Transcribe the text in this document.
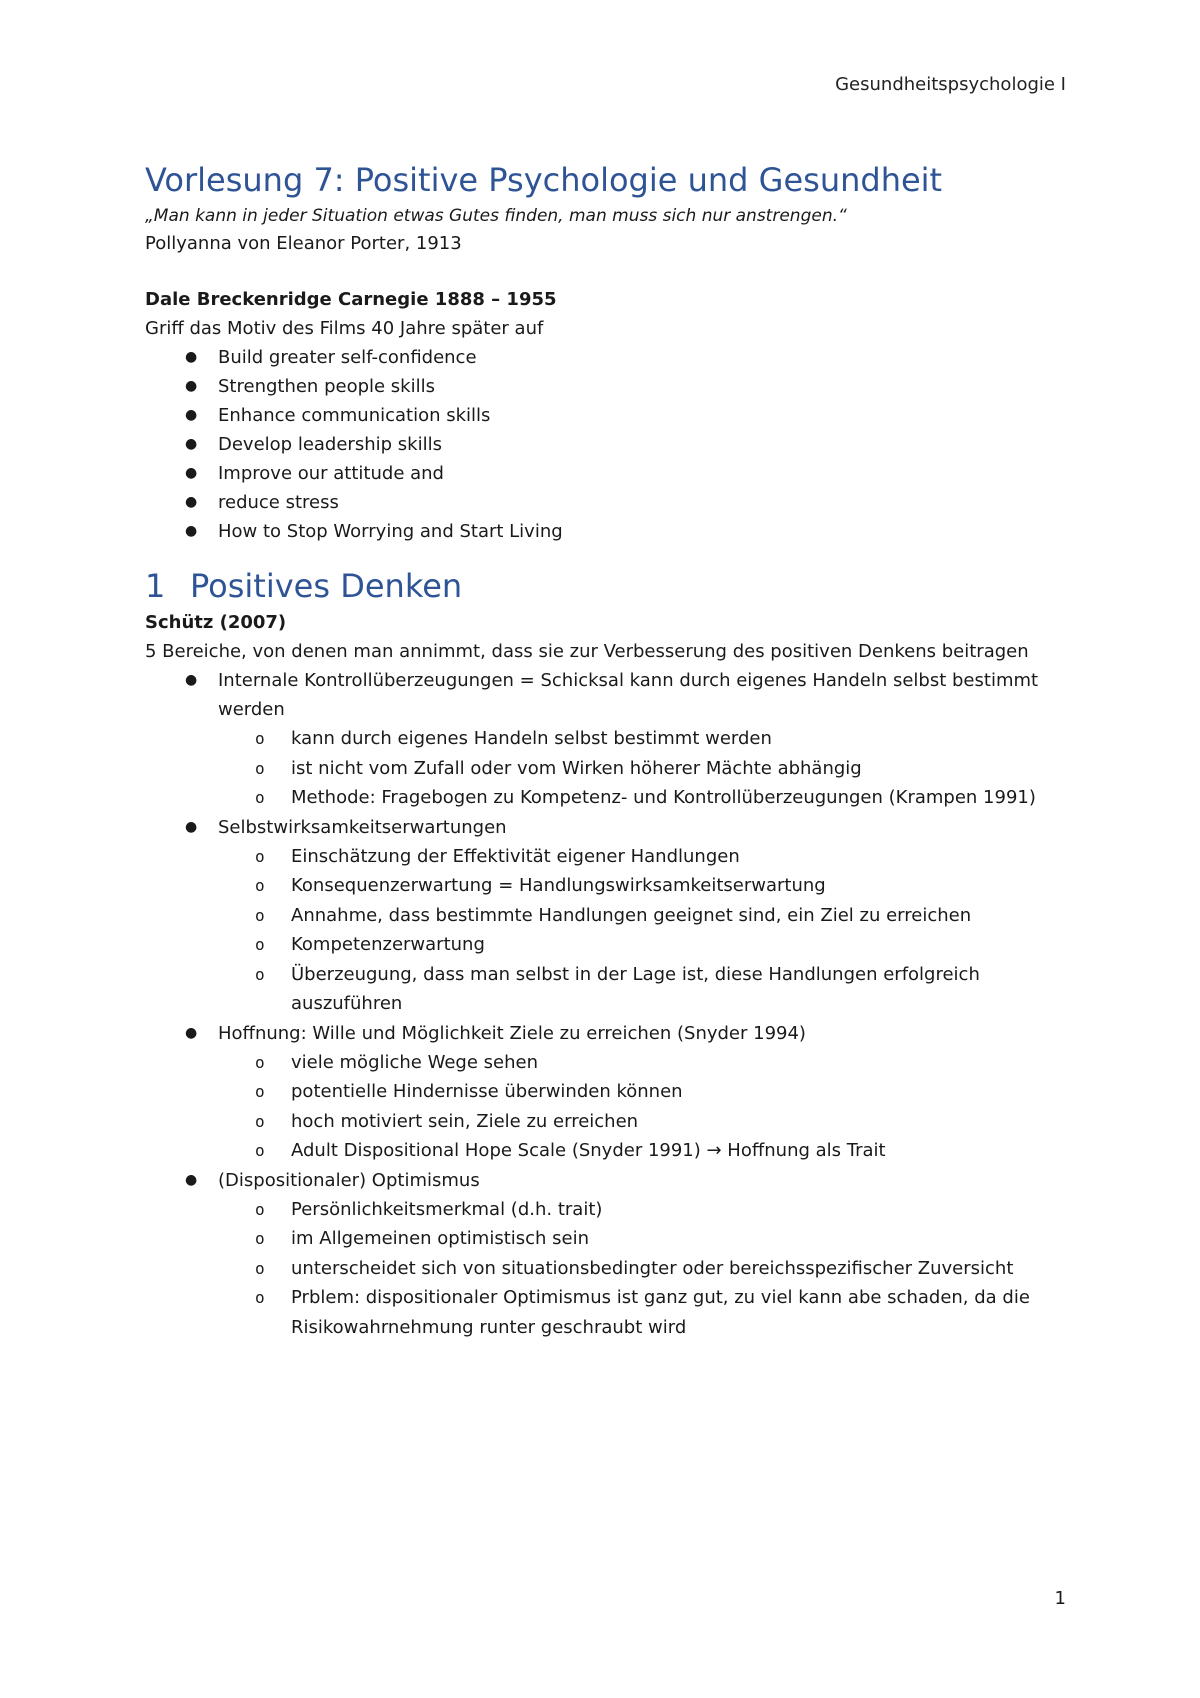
Gesundheitspsychologie I
Vorlesung 7: Positive Psychologie und Gesundheit
„Man kann in jeder Situation etwas Gutes finden, man muss sich nur anstrengen.“
Pollyanna von Eleanor Porter, 1913
Dale Breckenridge Carnegie 1888 – 1955
Griff das Motiv des Films 40 Jahre später auf
● Build greater self-confidence
● Strengthen people skills
● Enhance communication skills
● Develop leadership skills
● Improve our attitude and
● reduce stress
● How to Stop Worrying and Start Living
1 Positives Denken
Schütz (2007)
5 Bereiche, von denen man annimmt, dass sie zur Verbesserung des positiven Denkens beitragen
● Internale Kontrollüberzeugungen = Schicksal kann durch eigenes Handeln selbst bestimmt werden
o kann durch eigenes Handeln selbst bestimmt werden
o ist nicht vom Zufall oder vom Wirken höherer Mächte abhängig
o Methode: Fragebogen zu Kompetenz- und Kontrollüberzeugungen (Krampen 1991)
● Selbstwirksamkeitserwartungen
o Einschätzung der Effektivität eigener Handlungen
o Konsequenzerwartung = Handlungswirksamkeitserwartung
o Annahme, dass bestimmte Handlungen geeignet sind, ein Ziel zu erreichen
o Kompetenzerwartung
o Überzeugung, dass man selbst in der Lage ist, diese Handlungen erfolgreich auszuführen
● Hoffnung: Wille und Möglichkeit Ziele zu erreichen (Snyder 1994)
o viele mögliche Wege sehen
o potentielle Hindernisse überwinden können
o hoch motiviert sein, Ziele zu erreichen
o Adult Dispositional Hope Scale (Snyder 1991) → Hoffnung als Trait
● (Dispositionaler) Optimismus
o Persönlichkeitsmerkmal (d.h. trait)
o im Allgemeinen optimistisch sein
o unterscheidet sich von situationsbedingter oder bereichsspezifischer Zuversicht
o Prblem: dispositionaler Optimismus ist ganz gut, zu viel kann abe schaden, da die Risikowahrnehmung runter geschraubt wird
1
